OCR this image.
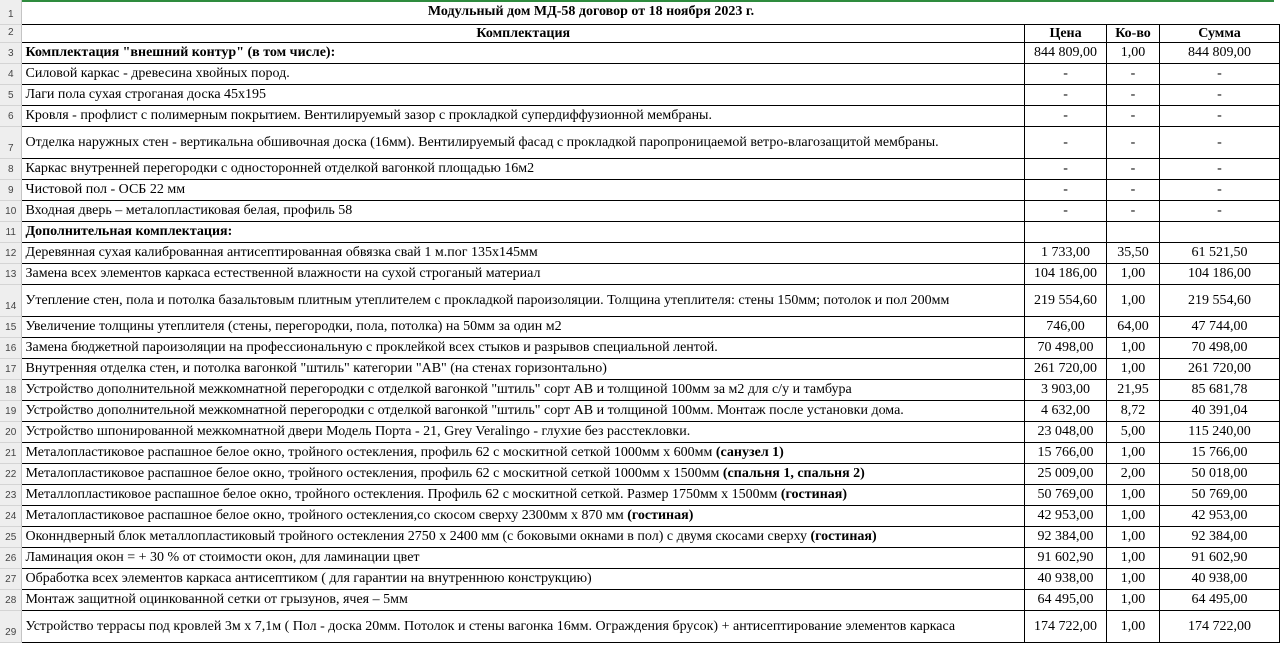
1	Модульный дом МД-58 договор от 18 ноября 2023 г.			
2	Комплектация	Цена	Ко-во	Сумма
3	Комплектация "внешний контур" (в том числе):	844 809,00	1,00	844 809,00
4	Силовой каркас - древесина хвойных пород.	-	-	-
5	Лаги пола сухая строганая доска 45х195	-	-	-
6	Кровля - профлист с полимерным покрытием. Вентилируемый зазор с прокладкой супердиффузионной мембраны.	-	-	-
7	Отделка наружных стен - вертикальна обшивочная доска (16мм). Вентилируемый фасад с прокладкой паропроницаемой ветро-влагозащитой мембраны.	-	-	-
8	Каркас внутренней перегородки с односторонней отделкой вагонкой площадью 16м2	-	-	-
9	Чистовой пол - ОСБ 22 мм	-	-	-
10	Входная дверь – металопластиковая белая, профиль 58	-	-	-
11	Дополнительная комплектация:			
12	Деревянная сухая калиброванная антисептированная обвязка свай 1 м.пог 135х145мм	1 733,00	35,50	61 521,50
13	Замена всех элементов каркаса естественной влажности на сухой строганый материал	104 186,00	1,00	104 186,00
14	Утепление стен, пола и потолка базальтовым плитным утеплителем с прокладкой пароизоляции. Толщина утеплителя: стены 150мм; потолок и пол 200мм	219 554,60	1,00	219 554,60
15	Увеличение толщины утеплителя (стены, перегородки, пола, потолка) на 50мм за один м2	746,00	64,00	47 744,00
16	Замена бюджетной пароизоляции на профессиональную с проклейкой всех стыков и разрывов специальной лентой.	70 498,00	1,00	70 498,00
17	Внутренняя отделка стен, и потолка вагонкой "штиль" категории "АВ" (на стенах горизонтально)	261 720,00	1,00	261 720,00
18	Устройство дополнительной межкомнатной перегородки с отделкой вагонкой "штиль" сорт АВ и толщиной 100мм за м2 для с/у и тамбура	3 903,00	21,95	85 681,78
19	Устройство дополнительной межкомнатной перегородки с отделкой вагонкой "штиль" сорт АВ и толщиной 100мм. Монтаж после установки дома.	4 632,00	8,72	40 391,04
20	Устройство шпонированной межкомнатной двери Модель Порта - 21, Grey Veralingo - глухие без расстекловки.	23 048,00	5,00	115 240,00
21	Металопластиковое распашное белое окно, тройного остекления, профиль 62 с москитной сеткой 1000мм х 600мм (санузел 1)	15 766,00	1,00	15 766,00
22	Металопластиковое распашное белое окно, тройного остекления, профиль 62 с москитной сеткой 1000мм х 1500мм (спальня 1, спальня 2)	25 009,00	2,00	50 018,00
23	Металлопластиковое распашное белое окно, тройного остекления. Профиль 62 с москитной сеткой. Размер 1750мм х 1500мм (гостиная)	50 769,00	1,00	50 769,00
24	Металопластиковое распашное белое окно, тройного остекления,со скосом сверху 2300мм х 870 мм (гостиная)	42 953,00	1,00	42 953,00
25	Оконндверный блок металлопластиковый тройного остекления 2750 х 2400 мм (с боковыми окнами в пол) с двумя скосами сверху (гостиная)	92 384,00	1,00	92 384,00
26	Ламинация окон = + 30 % от стоимости окон, для ламинации цвет	91 602,90	1,00	91 602,90
27	Обработка всех элементов каркаса антисептиком ( для гарантии на внутреннюю конструкцию)	40 938,00	1,00	40 938,00
28	Монтаж защитной оцинкованной сетки от грызунов, ячея – 5мм	64 495,00	1,00	64 495,00
29	Устройство террасы под кровлей 3м х 7,1м ( Пол - доска 20мм. Потолок и стены вагонка 16мм. Ограждения брусок) + антисептирование элементов каркаса	174 722,00	1,00	174 722,00
